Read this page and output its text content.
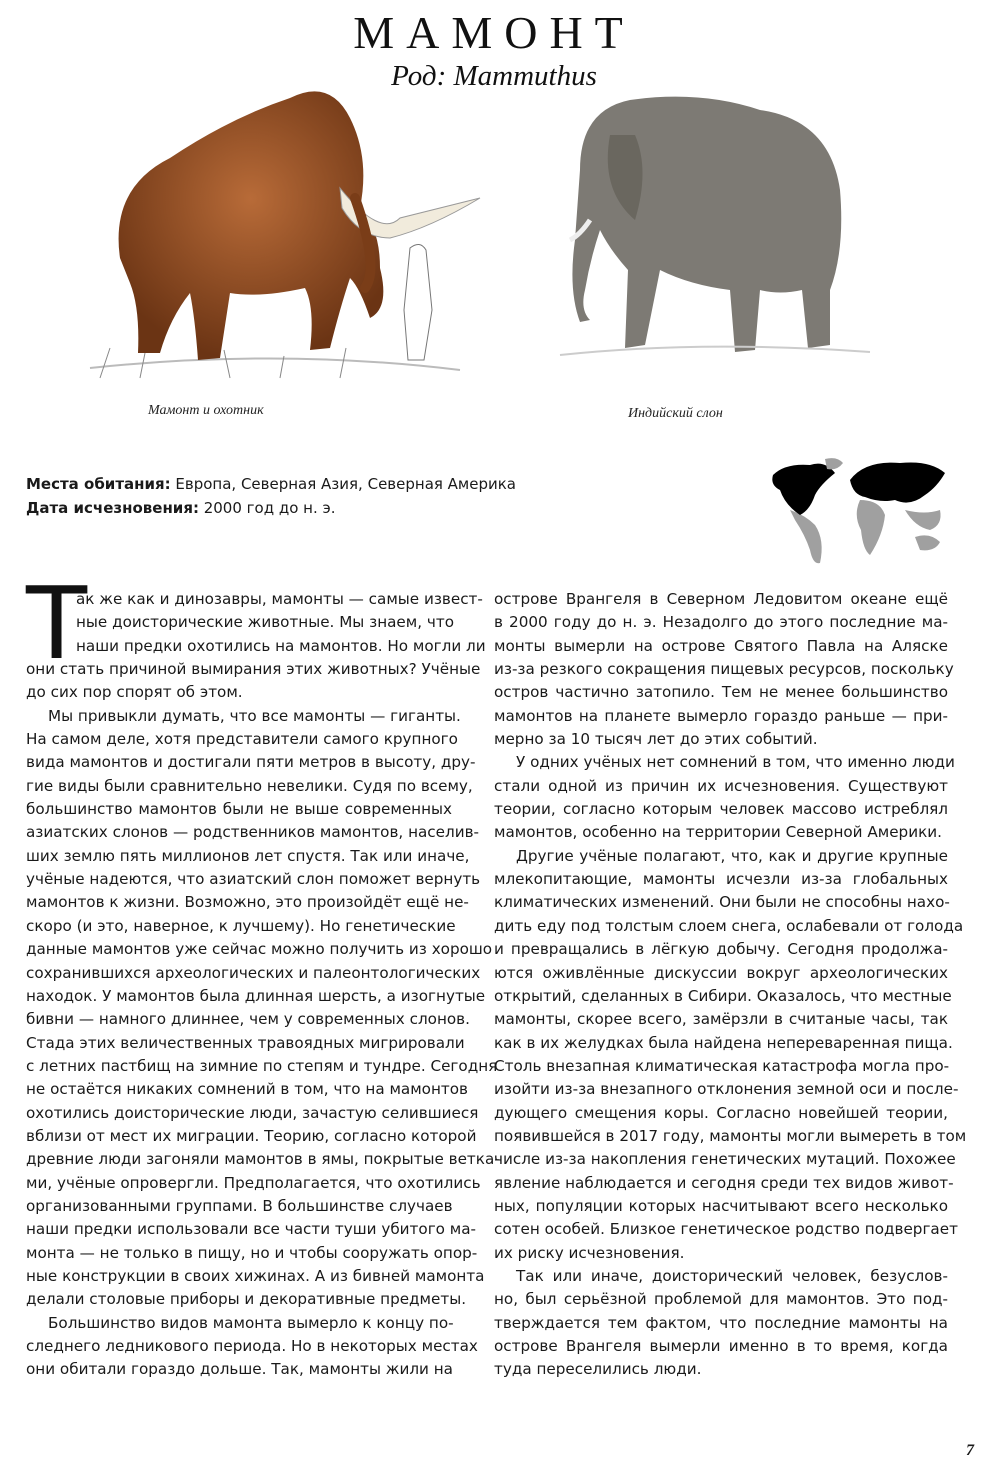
МАМОНТ
Род: Mammuthus
Мамонт и охотник	Индийский слон
Места обитания: Европа, Северная Азия, Северная Америка
Дата исчезновения: 2000 год до н. э.
Т
ак же как и динозавры, мамонты — самые извест-
ные доисторические животные. Мы знаем, что
наши предки охотились на мамонтов. Но могли ли
они стать причиной вымирания этих животных? Учёные
до сих пор спорят об этом.
Мы привыкли думать, что все мамонты — гиганты.
На самом деле, хотя представители самого крупного
вида мамонтов и достигали пяти метров в высоту, дру-
гие виды были сравнительно невелики. Судя по всему,
большинство мамонтов были не выше современных
азиатских слонов — родственников мамонтов, населив-
ших землю пять миллионов лет спустя. Так или иначе,
учёные надеются, что азиатский слон поможет вернуть
мамонтов к жизни. Возможно, это произойдёт ещё не-
скоро (и это, наверное, к лучшему). Но генетические
данные мамонтов уже сейчас можно получить из хорошо
сохранившихся археологических и палеонтологических
находок. У мамонтов была длинная шерсть, а изогнутые
бивни — намного длиннее, чем у современных слонов.
Стада этих величественных травоядных мигрировали
с летних пастбищ на зимние по степям и тундре. Сегодня
не остаётся никаких сомнений в том, что на мамонтов
охотились доисторические люди, зачастую селившиеся
вблизи от мест их миграции. Теорию, согласно которой
древние люди загоняли мамонтов в ямы, покрытые ветка-
ми, учёные опровергли. Предполагается, что охотились
организованными группами. В большинстве случаев
наши предки использовали все части туши убитого ма-
монта — не только в пищу, но и чтобы сооружать опор-
ные конструкции в своих хижинах. А из бивней мамонта
делали столовые приборы и декоративные предметы.
Большинство видов мамонта вымерло к концу по-
следнего ледникового периода. Но в некоторых местах
они обитали гораздо дольше. Так, мамонты жили на
острове Врангеля в Северном Ледовитом океане ещё
в 2000 году до н. э. Незадолго до этого последние ма-
монты вымерли на острове Святого Павла на Аляске
из-за резкого сокращения пищевых ресурсов, поскольку
остров частично затопило. Тем не менее большинство
мамонтов на планете вымерло гораздо раньше — при-
мерно за 10 тысяч лет до этих событий.
У одних учёных нет сомнений в том, что именно люди
стали одной из причин их исчезновения. Существуют
теории, согласно которым человек массово истреблял
мамонтов, особенно на территории Северной Америки.
Другие учёные полагают, что, как и другие крупные
млекопитающие, мамонты исчезли из-за глобальных
климатических изменений. Они были не способны нахо-
дить еду под толстым слоем снега, ослабевали от голода
и превращались в лёгкую добычу. Сегодня продолжа-
ются оживлённые дискуссии вокруг археологических
открытий, сделанных в Сибири. Оказалось, что местные
мамонты, скорее всего, замёрзли в считаные часы, так
как в их желудках была найдена непереваренная пища.
Столь внезапная климатическая катастрофа могла про-
изойти из-за внезапного отклонения земной оси и после-
дующего смещения коры. Согласно новейшей теории,
появившейся в 2017 году, мамонты могли вымереть в том
числе из-за накопления генетических мутаций. Похожее
явление наблюдается и сегодня среди тех видов живот-
ных, популяции которых насчитывают всего несколько
сотен особей. Близкое генетическое родство подвергает
их риску исчезновения.
Так или иначе, доисторический человек, безуслов-
но, был серьёзной проблемой для мамонтов. Это под-
тверждается тем фактом, что последние мамонты на
острове Врангеля вымерли именно в то время, когда
туда переселились люди.
7
